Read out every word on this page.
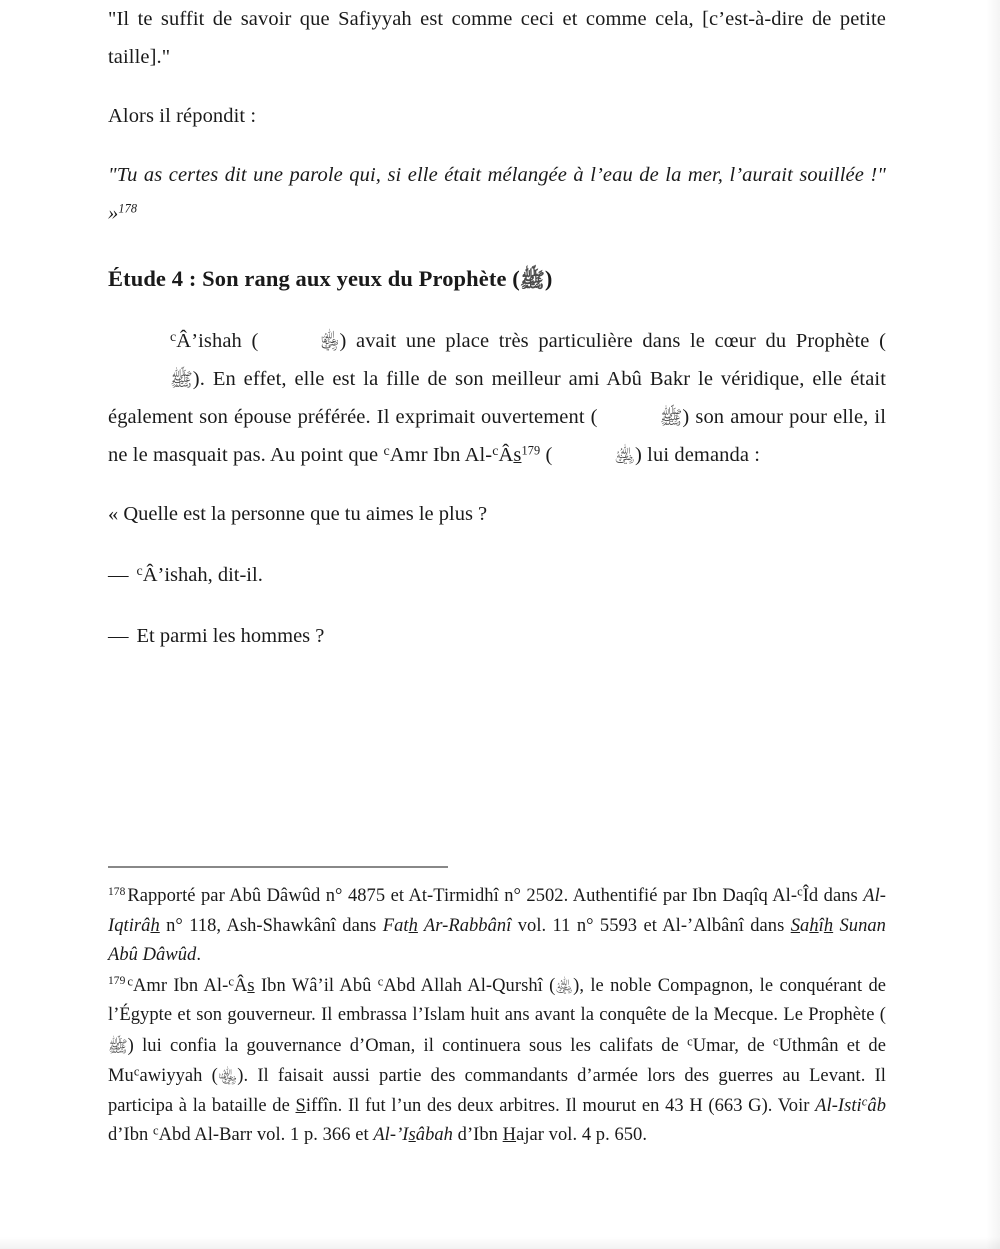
"Il te suffit de savoir que Safiyyah est comme ceci et comme cela, [c’est-à-dire de petite taille]."

Alors il répondit :

"Tu as certes dit une parole qui, si elle était mélangée à l’eau de la mer, l’aurait souillée !" »$^{178}$

Étude 4 : Son rang aux yeux du Prophète (ﷺ)

$^c$Â’ishah (	﵂) avait une place très particulière dans le cœur du Prophète (ﷺ). En effet, elle est la fille de son meilleur ami Abû Bakr le véridique, elle était également son épouse préférée. Il exprimait ouvertement (	ﷺ) son amour pour elle, il ne le masquait pas. Au point que $^c$Amr Ibn Al-$^c$Âs$^{179}$ (	﵁) lui demanda :

« Quelle est la personne que tu aimes le plus ?

— $^c$Â’ishah, dit-il.

— Et parmi les hommes ?

$^{178}$ Rapporté par Abû Dâwûd n° 4875 et At-Tirmidhî n° 2502. Authentifié par Ibn Daqîq Al-$^c$Îd dans Al-Iqtirâh n° 118, Ash-Shawkânî dans Fath Ar-Rabbânî vol. 11 n° 5593 et Al-’Albânî dans Sahîh Sunan Abû Dâwûd.

$^{179}$ $^c$Amr Ibn Al-$^c$Âs Ibn Wâ’il Abû $^c$Abd Allah Al-Qurshî (﵁), le noble Compagnon, le conquérant de l’Égypte et son gouverneur. Il embrassa l’Islam huit ans avant la conquête de la Mecque. Le Prophète (ﷺ) lui confia la gouvernance d’Oman, il continuera sous les califats de $^c$Umar, de $^c$Uthmân et de Mu$^c$awiyyah (﵄). Il faisait aussi partie des commandants d’armée lors des guerres au Levant. Il participa à la bataille de Siffîn. Il fut l’un des deux arbitres. Il mourut en 43 H (663 G). Voir Al-Isti$^c$âb d’Ibn $^c$Abd Al-Barr vol. 1 p. 366 et Al-’Isâbah d’Ibn Hajar vol. 4 p. 650.
